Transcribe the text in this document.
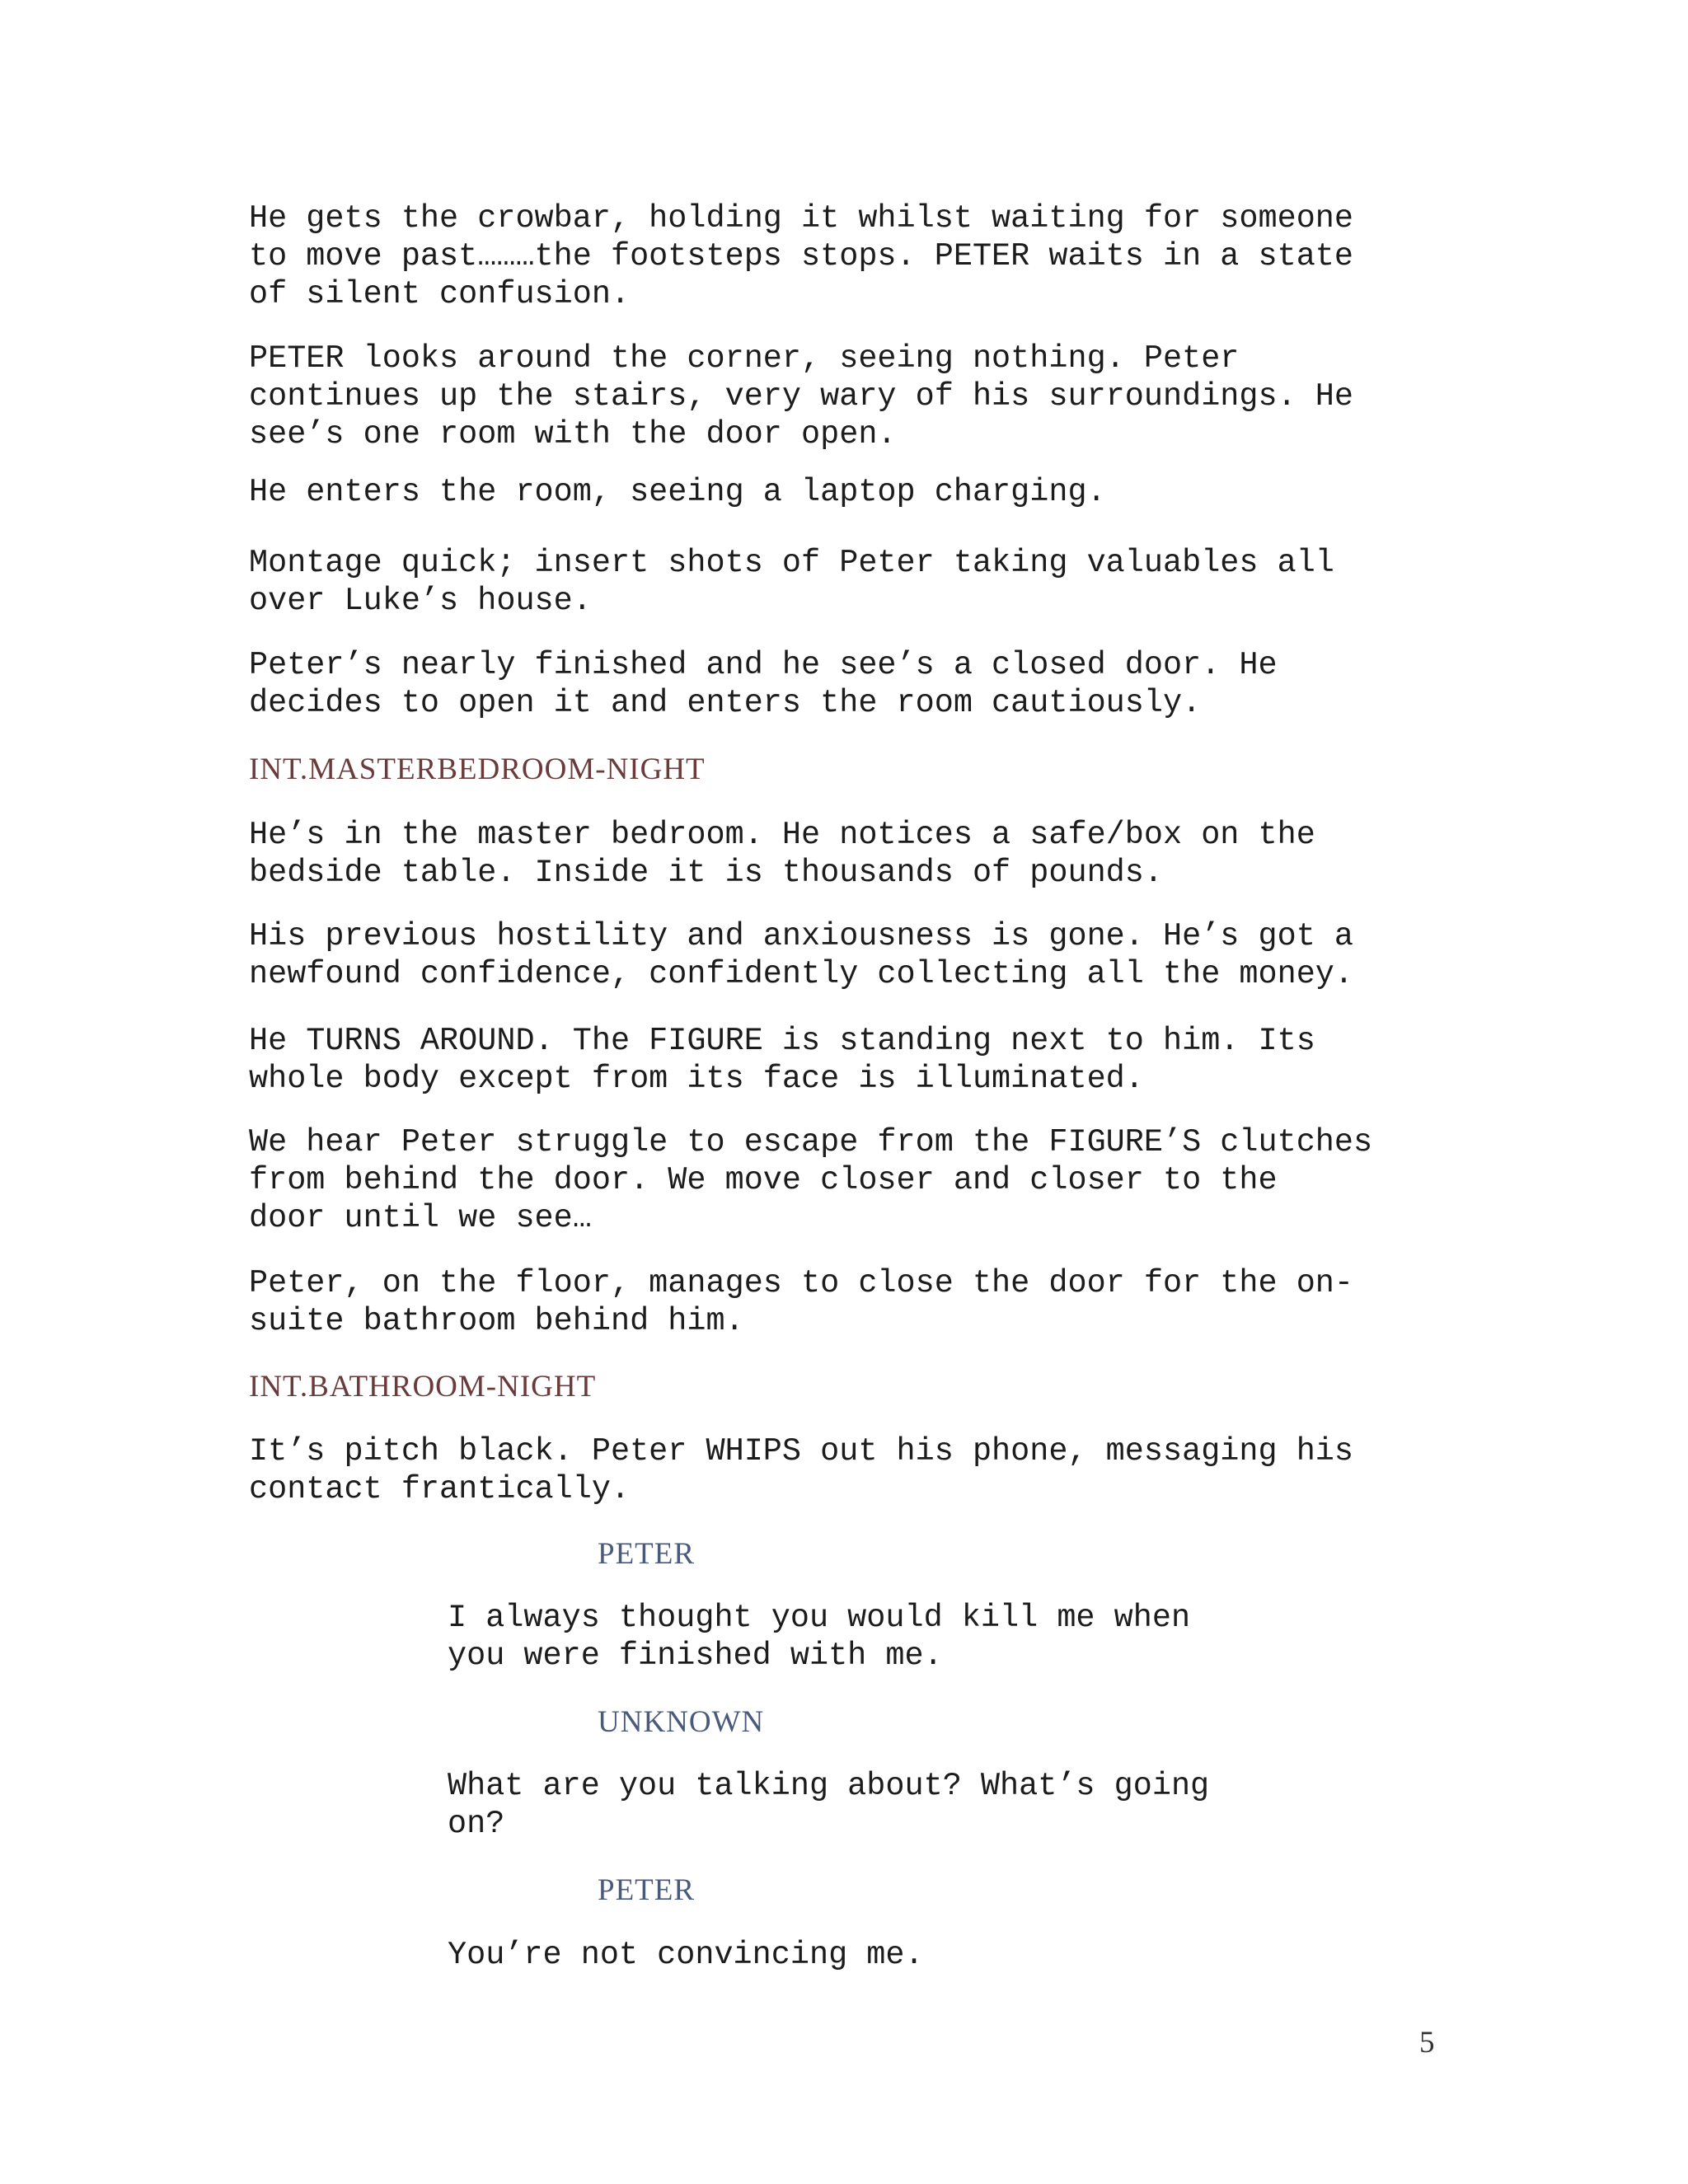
He gets the crowbar, holding it whilst waiting for someone
to move past………the footsteps stops. PETER waits in a state
of silent confusion.
PETER looks around the corner, seeing nothing. Peter
continues up the stairs, very wary of his surroundings. He
see’s one room with the door open.
He enters the room, seeing a laptop charging.
Montage quick; insert shots of Peter taking valuables all
over Luke’s house.
Peter’s nearly finished and he see’s a closed door. He
decides to open it and enters the room cautiously.
INT.MASTERBEDROOM-NIGHT
He’s in the master bedroom. He notices a safe/box on the
bedside table. Inside it is thousands of pounds.
His previous hostility and anxiousness is gone. He’s got a
newfound confidence, confidently collecting all the money.
He TURNS AROUND. The FIGURE is standing next to him. Its
whole body except from its face is illuminated.
We hear Peter struggle to escape from the FIGURE’S clutches
from behind the door. We move closer and closer to the
door until we see…
Peter, on the floor, manages to close the door for the on-
suite bathroom behind him.
INT.BATHROOM-NIGHT
It’s pitch black. Peter WHIPS out his phone, messaging his
contact frantically.
PETER
I always thought you would kill me when
you were finished with me.
UNKNOWN
What are you talking about? What’s going
on?
PETER
You’re not convincing me.
5
